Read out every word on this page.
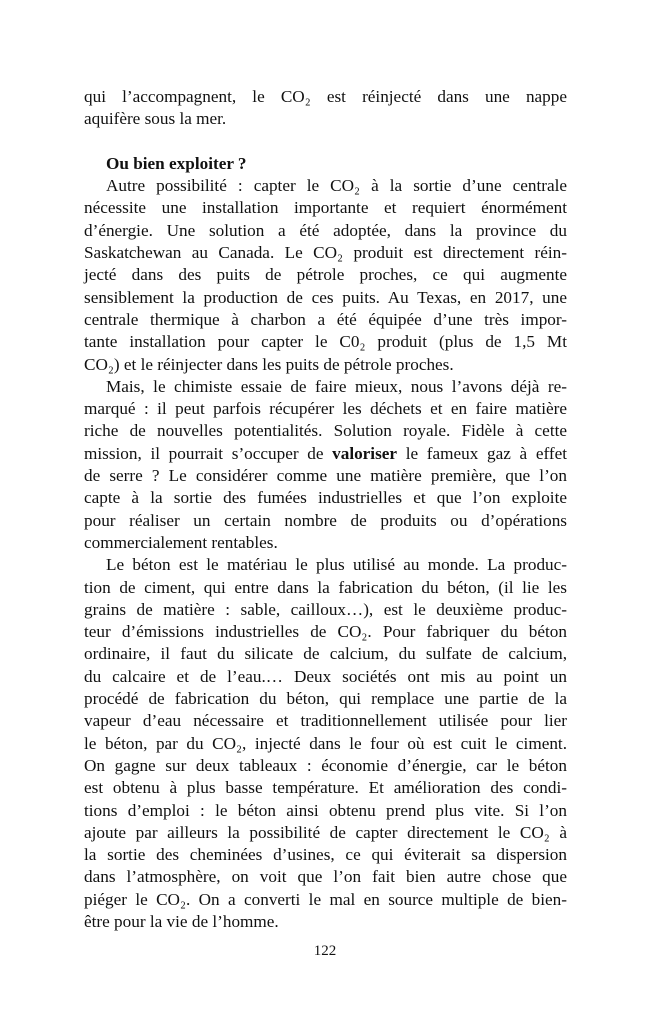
qui l’accompagnent, le CO₂ est réinjecté dans une nappe
aquifère sous la mer.
Ou bien exploiter ?
Autre possibilité : capter le CO₂ à la sortie d’une centrale
nécessite une installation importante et requiert énormément
d’énergie. Une solution a été adoptée, dans la province du
Saskatchewan au Canada. Le CO₂ produit est directement réin-
jecté dans des puits de pétrole proches, ce qui augmente
sensiblement la production de ces puits. Au Texas, en 2017, une
centrale thermique à charbon a été équipée d’une très impor-
tante installation pour capter le C0₂ produit (plus de 1,5 Mt
CO₂) et le réinjecter dans les puits de pétrole proches.
Mais, le chimiste essaie de faire mieux, nous l’avons déjà re-
marqué : il peut parfois récupérer les déchets et en faire matière
riche de nouvelles potentialités. Solution royale. Fidèle à cette
mission, il pourrait s’occuper de valoriser le fameux gaz à effet
de serre ? Le considérer comme une matière première, que l’on
capte à la sortie des fumées industrielles et que l’on exploite
pour réaliser un certain nombre de produits ou d’opérations
commercialement rentables.
Le béton est le matériau le plus utilisé au monde. La produc-
tion de ciment, qui entre dans la fabrication du béton, (il lie les
grains de matière : sable, cailloux…), est le deuxième produc-
teur d’émissions industrielles de CO₂. Pour fabriquer du béton
ordinaire, il faut du silicate de calcium, du sulfate de calcium,
du calcaire et de l’eau.… Deux sociétés ont mis au point un
procédé de fabrication du béton, qui remplace une partie de la
vapeur d’eau nécessaire et traditionnellement utilisée pour lier
le béton, par du CO₂, injecté dans le four où est cuit le ciment.
On gagne sur deux tableaux : économie d’énergie, car le béton
est obtenu à plus basse température. Et amélioration des condi-
tions d’emploi : le béton ainsi obtenu prend plus vite. Si l’on
ajoute par ailleurs la possibilité de capter directement le CO₂ à
la sortie des cheminées d’usines, ce qui éviterait sa dispersion
dans l’atmosphère, on voit que l’on fait bien autre chose que
piéger le CO₂. On a converti le mal en source multiple de bien-
être pour la vie de l’homme.
122
